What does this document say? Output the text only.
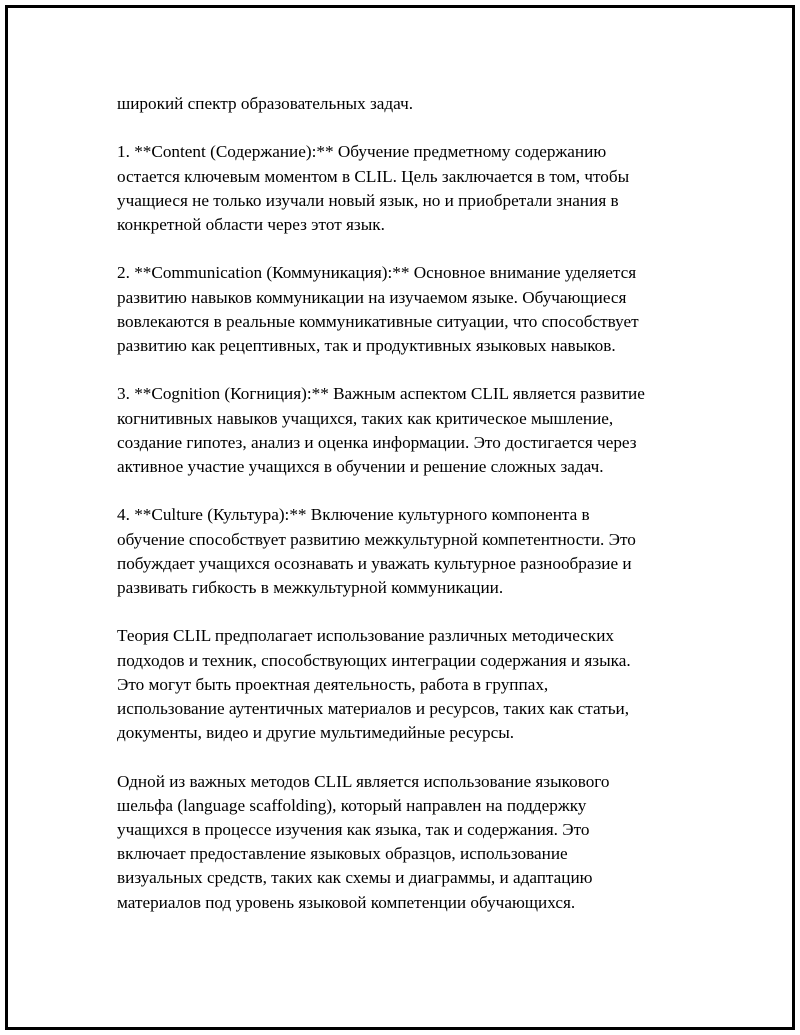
широкий спектр образовательных задач.

1. **Content (Содержание):** Обучение предметному содержанию
остается ключевым моментом в CLIL. Цель заключается в том, чтобы
учащиеся не только изучали новый язык, но и приобретали знания в
конкретной области через этот язык.

2. **Communication (Коммуникация):** Основное внимание уделяется
развитию навыков коммуникации на изучаемом языке. Обучающиеся
вовлекаются в реальные коммуникативные ситуации, что способствует
развитию как рецептивных, так и продуктивных языковых навыков.

3. **Cognition (Когниция):** Важным аспектом CLIL является развитие
когнитивных навыков учащихся, таких как критическое мышление,
создание гипотез, анализ и оценка информации. Это достигается через
активное участие учащихся в обучении и решение сложных задач.

4. **Culture (Культура):** Включение культурного компонента в
обучение способствует развитию межкультурной компетентности. Это
побуждает учащихся осознавать и уважать культурное разнообразие и
развивать гибкость в межкультурной коммуникации.

Теория CLIL предполагает использование различных методических
подходов и техник, способствующих интеграции содержания и языка.
Это могут быть проектная деятельность, работа в группах,
использование аутентичных материалов и ресурсов, таких как статьи,
документы, видео и другие мультимедийные ресурсы.

Одной из важных методов CLIL является использование языкового
шельфа (language scaffolding), который направлен на поддержку
учащихся в процессе изучения как языка, так и содержания. Это
включает предоставление языковых образцов, использование
визуальных средств, таких как схемы и диаграммы, и адаптацию
материалов под уровень языковой компетенции обучающихся.
